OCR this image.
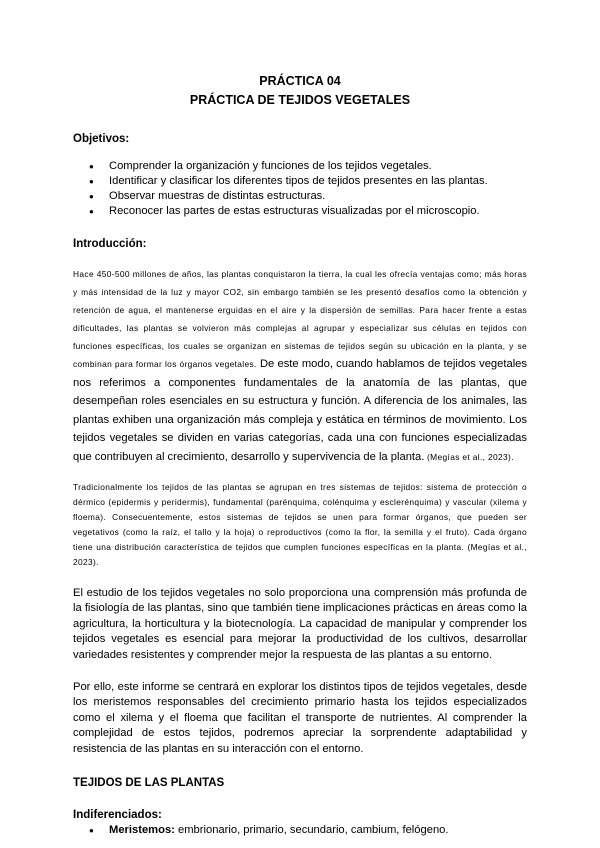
PRÁCTICA 04
PRÁCTICA DE TEJIDOS VEGETALES
Objetivos:
● Comprender la organización y funciones de los tejidos vegetales.
● Identificar y clasificar los diferentes tipos de tejidos presentes en las plantas.
● Observar muestras de distintas estructuras.
● Reconocer las partes de estas estructuras visualizadas por el microscopio.
Introducción:

Hace 450-500 millones de años, las plantas conquistaron la tierra, la cual les ofrecía ventajas como; más horas y más intensidad de la luz y mayor CO2, sin embargo también se les presentó desafíos como la obtención y retención de agua, el mantenerse erguidas en el aire y la dispersión de semillas. Para hacer frente a estas dificultades, las plantas se volvieron más complejas al agrupar y especializar sus células en tejidos con funciones específicas, los cuales se organizan en sistemas de tejidos según su ubicación en la planta, y se combinan para formar los órganos vegetales. De este modo, cuando hablamos de tejidos vegetales nos referimos a componentes fundamentales de la anatomía de las plantas, que desempeñan roles esenciales en su estructura y función. A diferencia de los animales, las plantas exhiben una organización más compleja y estática en términos de movimiento. Los tejidos vegetales se dividen en varias categorías, cada una con funciones especializadas que contribuyen al crecimiento, desarrollo y supervivencia de la planta. (Megías et al., 2023).

Tradicionalmente los tejidos de las plantas se agrupan en tres sistemas de tejidos: sistema de protección o dérmico (epidermis y peridermis), fundamental (parénquima, colénquima y esclerénquima) y vascular (xilema y floema). Consecuentemente, estos sistemas de tejidos se unen para formar órganos, que pueden ser vegetativos (como la raíz, el tallo y la hoja) o reproductivos (como la flor, la semilla y el fruto). Cada órgano tiene una distribución característica de tejidos que cumplen funciones específicas en la planta. (Megías et al., 2023).

El estudio de los tejidos vegetales no solo proporciona una comprensión más profunda de la fisiología de las plantas, sino que también tiene implicaciones prácticas en áreas como la agricultura, la horticultura y la biotecnología. La capacidad de manipular y comprender los tejidos vegetales es esencial para mejorar la productividad de los cultivos, desarrollar variedades resistentes y comprender mejor la respuesta de las plantas a su entorno.

Por ello, este informe se centrará en explorar los distintos tipos de tejidos vegetales, desde los meristemos responsables del crecimiento primario hasta los tejidos especializados como el xilema y el floema que facilitan el transporte de nutrientes. Al comprender la complejidad de estos tejidos, podremos apreciar la sorprendente adaptabilidad y resistencia de las plantas en su interacción con el entorno.

TEJIDOS DE LAS PLANTAS
Indiferenciados:
● Meristemos: embrionario, primario, secundario, cambium, felógeno.
